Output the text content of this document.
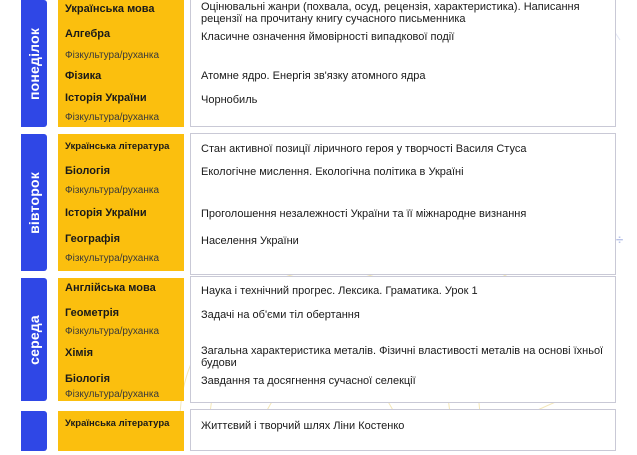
÷
понеділок
Українська мова
Алгебра
Фізкультура/руханка
Фізика
Історія України
Фізкультура/руханка
Оцінювальні жанри (похвала, осуд, рецензія, характеристика). Написання рецензії на прочитану книгу сучасного письменника
Класичне означення ймовірності випадкової події
Атомне ядро. Енергія зв'язку атомного ядра
Чорнобиль
вівторок
Українська література
Біологія
Фізкультура/руханка
Історія України
Географія
Фізкультура/руханка
Стан активної позиції ліричного героя у творчості Василя Стуса
Екологічне мислення. Екологічна політика в Україні
Проголошення незалежності України та її міжнародне визнання
Населення України
середа
Англійська мова
Геометрія
Фізкультура/руханка
Хімія
Біологія
Фізкультура/руханка
Наука і технічний прогрес. Лексика. Граматика. Урок 1
Задачі на об'єми тіл обертання
Загальна характеристика металів. Фізичні властивості металів на основі їхньої будови
Завдання та досягнення сучасної селекції
Українська література	Життєвий і творчий шлях Ліни Костенко
